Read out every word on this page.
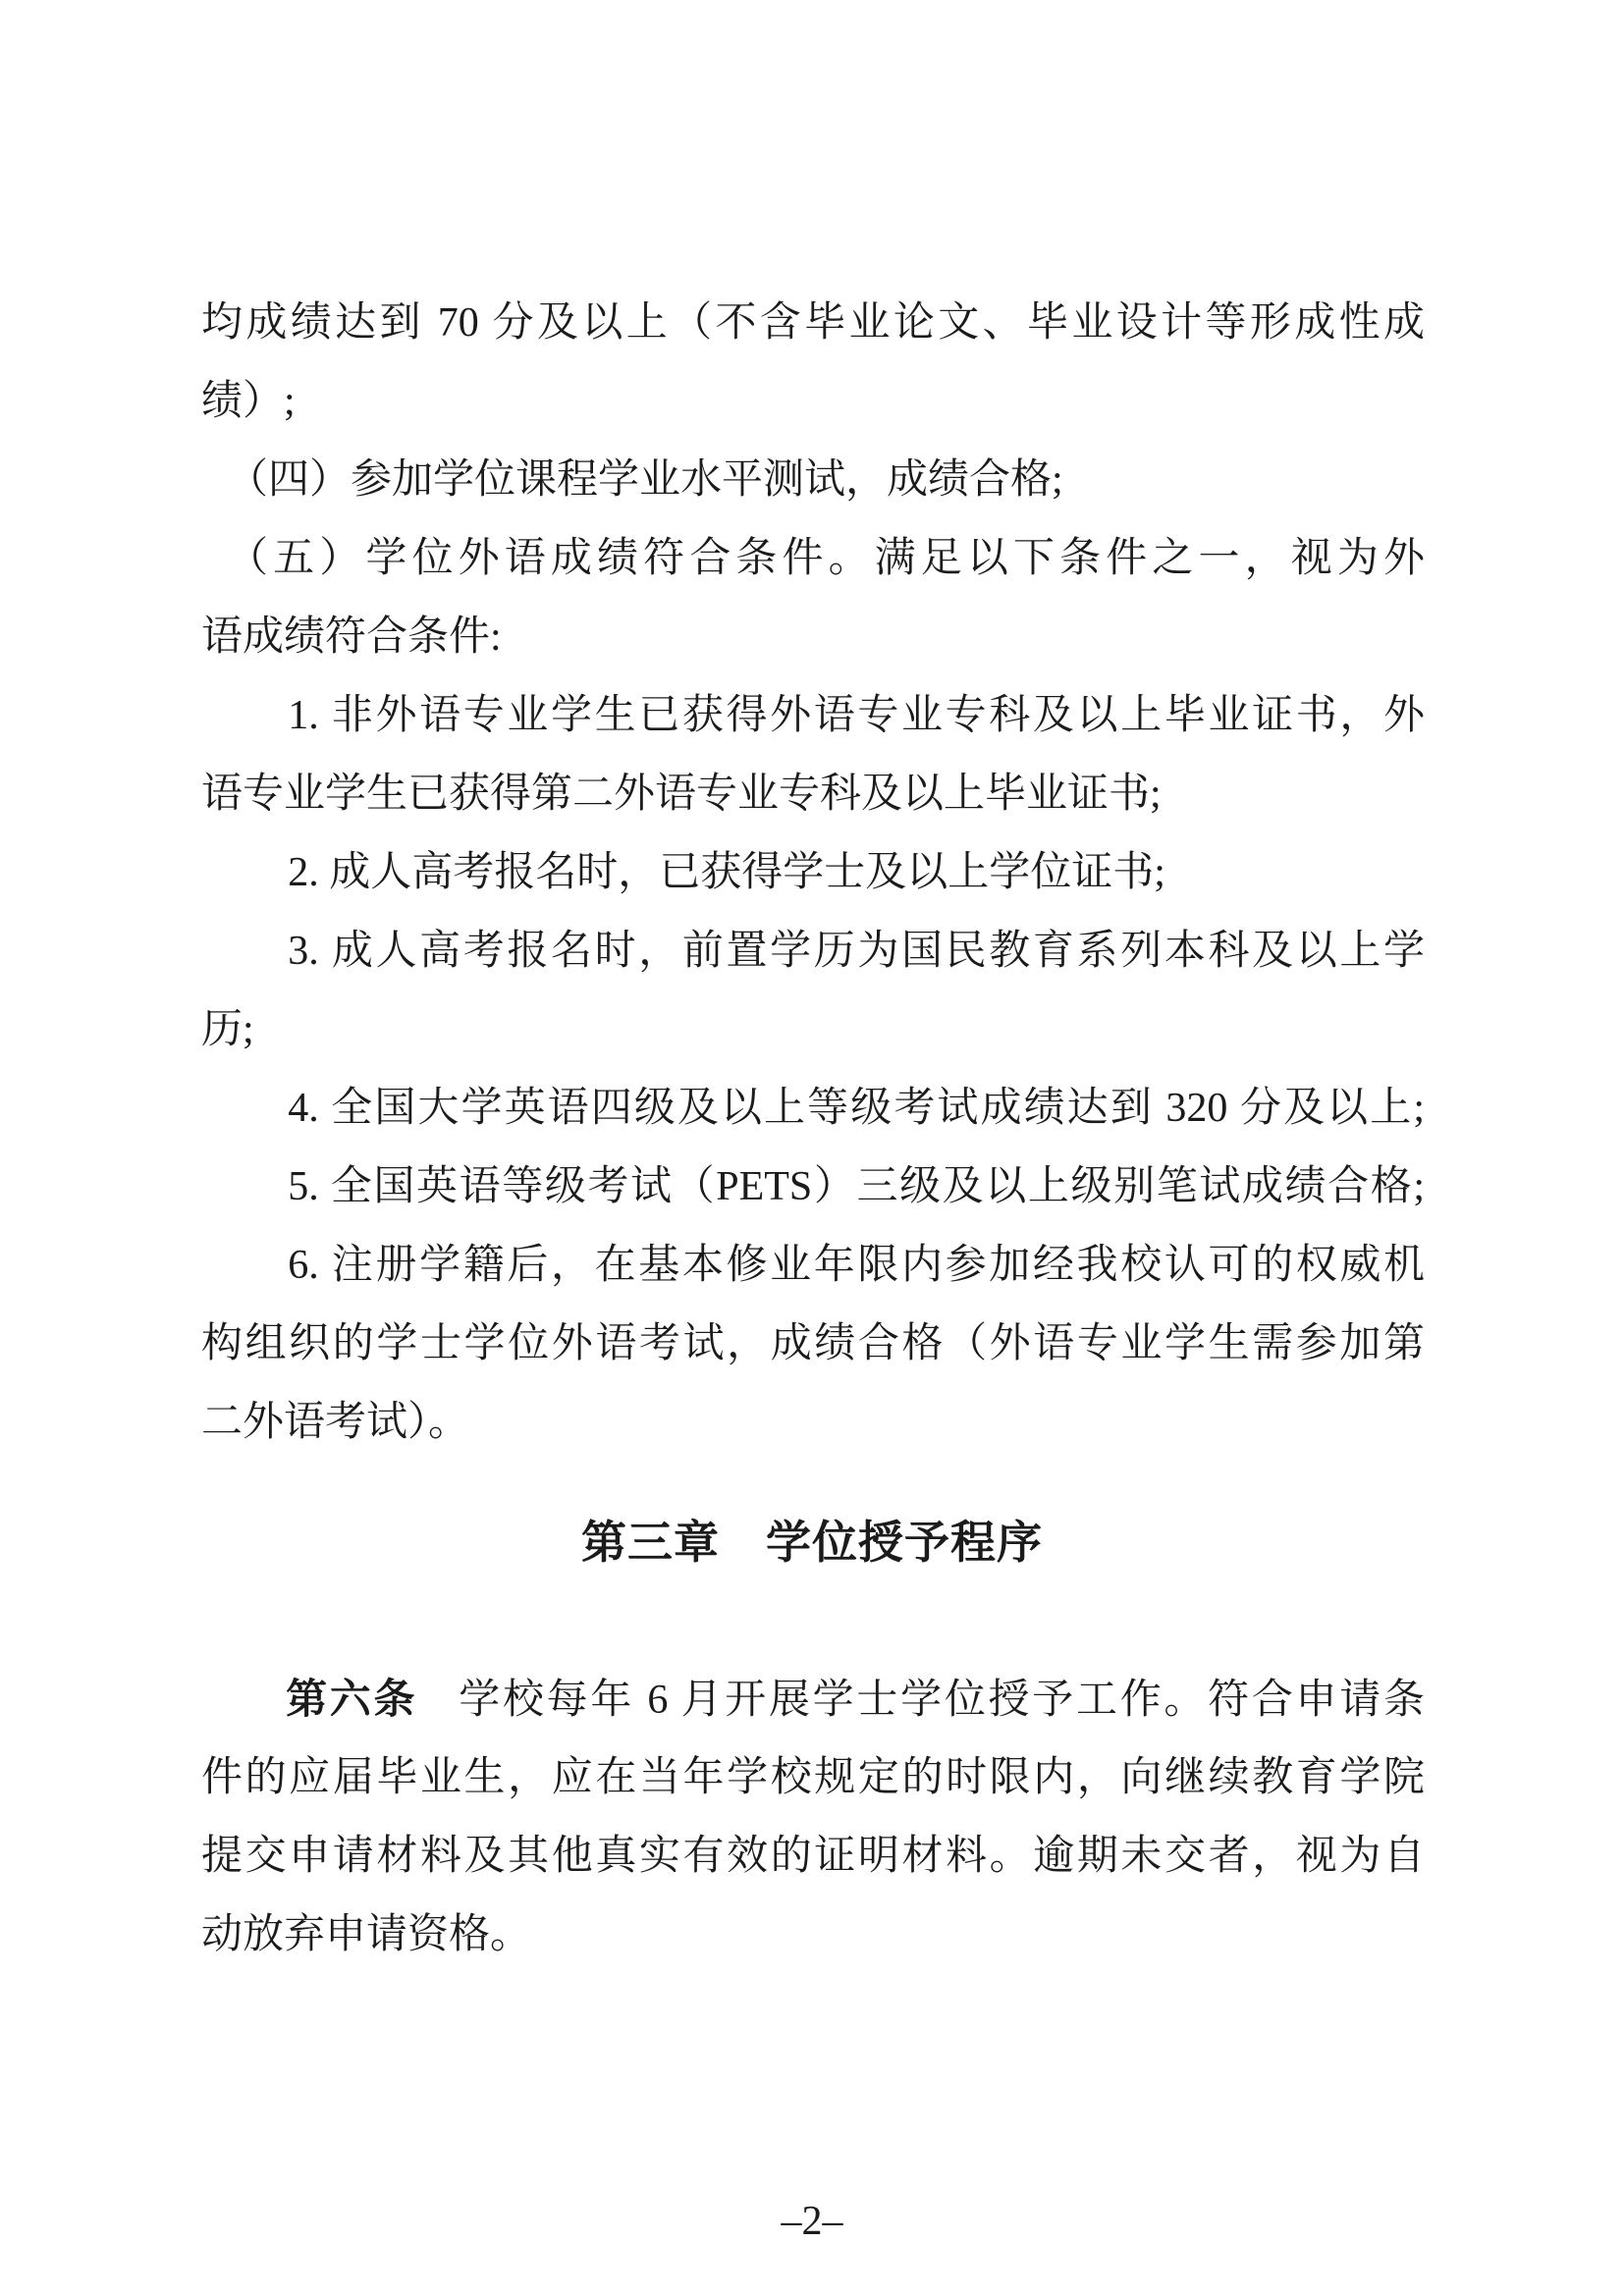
均成绩达到 70 分及以上（不含毕业论文、毕业设计等形成性成
绩）;
（四）参加学位课程学业水平测试，成绩合格;
（五）学位外语成绩符合条件。满足以下条件之一，视为外
语成绩符合条件:
1. 非外语专业学生已获得外语专业专科及以上毕业证书，外
语专业学生已获得第二外语专业专科及以上毕业证书;
2. 成人高考报名时，已获得学士及以上学位证书;
3. 成人高考报名时，前置学历为国民教育系列本科及以上学
历;
4. 全国大学英语四级及以上等级考试成绩达到 320 分及以上;
5. 全国英语等级考试（PETS）三级及以上级别笔试成绩合格;
6. 注册学籍后，在基本修业年限内参加经我校认可的权威机
构组织的学士学位外语考试，成绩合格（外语专业学生需参加第
二外语考试）。
第三章　学位授予程序
第六条 学校每年 6 月开展学士学位授予工作。符合申请条
件的应届毕业生，应在当年学校规定的时限内，向继续教育学院
提交申请材料及其他真实有效的证明材料。逾期未交者，视为自
动放弃申请资格。
–2–
